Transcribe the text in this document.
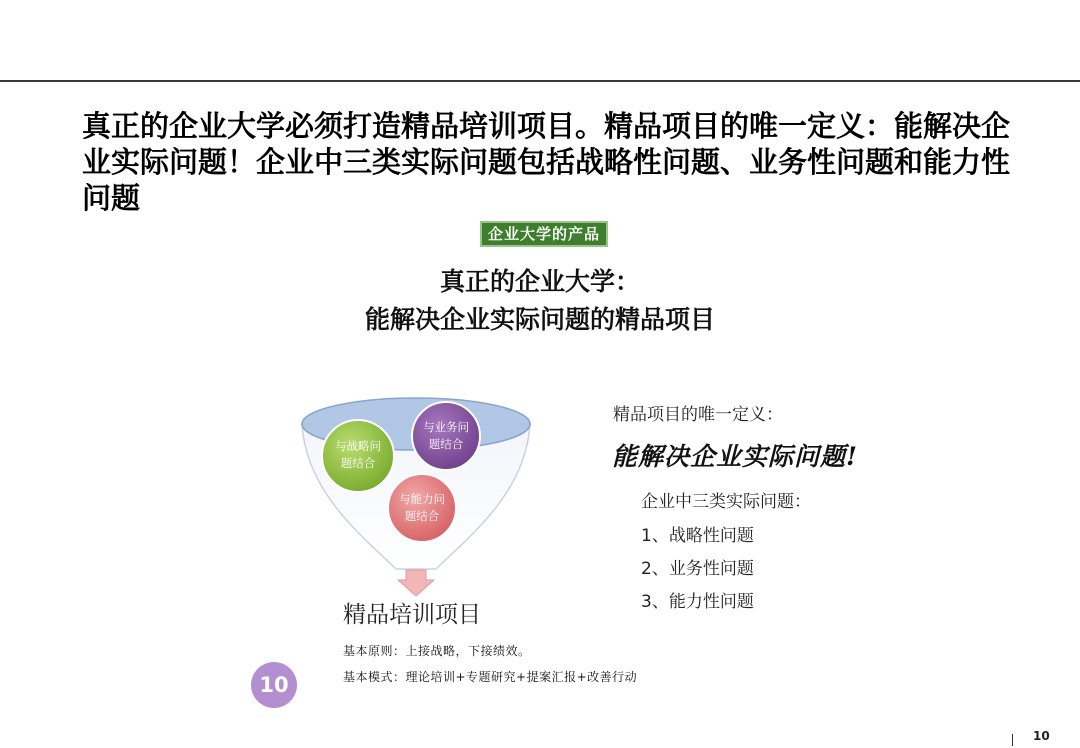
真正的企业大学必须打造精品培训项目。精品项目的唯一定义：能解决企业实际问题！企业中三类实际问题包括战略性问题、业务性问题和能力性问题

企业大学的产品
真正的企业大学：
能解决企业实际问题的精品项目
与战略问
题结合
与业务问
题结合
与能力问
题结合
精品培训项目
精品项目的唯一定义：
能解决企业实际问题!
企业中三类实际问题：
1、战略性问题
2、业务性问题
3、能力性问题
基本原则：上接战略，下接绩效。
基本模式：理论培训+专题研究+提案汇报+改善行动
10
10
